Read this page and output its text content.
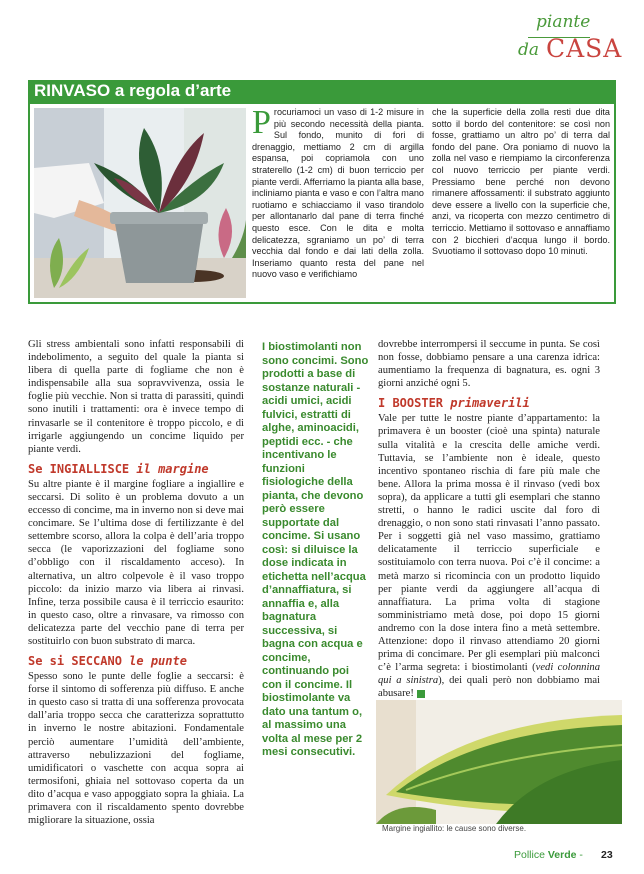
piante
da CASA
RINVASO a regola d’arte
Procuriamoci un vaso di 1-2 misure in più secondo necessità della pianta. Sul fondo, munito di fori di drenaggio, mettiamo 2 cm di argilla espansa, poi copriamola con uno straterello (1-2 cm) di buon terriccio per piante verdi. Afferriamo la pianta alla base, incliniamo pianta e vaso e con l’altra mano ruotiamo e schiacciamo il vaso tirandolo per allontanarlo dal pane di terra finché questo esce. Con le dita e molta delicatezza, sgraniamo un po’ di terra vecchia dal fondo e dai lati della zolla. Inseriamo quanto resta del pane nel nuovo vaso e verifichiamo
che la superficie della zolla resti due dita sotto il bordo del contenitore: se così non fosse, grattiamo un altro po’ di terra dal fondo del pane. Ora poniamo di nuovo la zolla nel vaso e riempiamo la circonferenza col nuovo terriccio per piante verdi. Pressiamo bene perché non devono rimanere affossamenti: il substrato aggiunto deve essere a livello con la superficie che, anzi, va ricoperta con mezzo centimetro di terriccio. Mettiamo il sottovaso e annaffiamo con 2 bicchieri d’acqua lungo il bordo. Svuotiamo il sottovaso dopo 10 minuti.

Gli stress ambientali sono infatti responsabili di indebolimento, a seguito del quale la pianta si libera di quella parte di fogliame che non è indispensabile alla sua sopravvivenza, ossia le foglie più vecchie. Non si tratta di parassiti, quindi sono inutili i trattamenti: ora è invece tempo di rinvasarle se il contenitore è troppo piccolo, e di irrigarle aggiungendo un concime liquido per piante verdi.

Se INGIALLISCE il margine

Su altre piante è il margine fogliare a ingiallire e seccarsi. Di solito è un problema dovuto a un eccesso di concime, ma in inverno non si deve mai concimare. Se l’ultima dose di fertilizzante è del settembre scorso, allora la colpa è dell’aria troppo secca (le vaporizzazioni del fogliame sono d’obbligo con il riscaldamento acceso). In alternativa, un altro colpevole è il vaso troppo piccolo: da inizio marzo via libera ai rinvasi. Infine, terza possibile causa è il terriccio esaurito: in questo caso, oltre a rinvasare, va rimosso con delicatezza parte del vecchio pane di terra per sostituirlo con buon substrato di marca.

Se si SECCANO le punte

Spesso sono le punte delle foglie a seccarsi: è forse il sintomo di sofferenza più diffuso. E anche in questo caso si tratta di una sofferenza provocata dall’aria troppo secca che caratterizza soprattutto in inverno le nostre abitazioni. Fondamentale perciò aumentare l’umidità dell’ambiente, attraverso nebulizzazioni del fogliame, umidificatori o vaschette con acqua sopra ai termosifoni, ghiaia nel sottovaso coperta da un dito d’acqua e vaso appoggiato sopra la ghiaia. La primavera con il riscaldamento spento dovrebbe migliorare la situazione, ossia

I biostimolanti non sono concimi. Sono prodotti a base di sostanze naturali - acidi umici, acidi fulvici, estratti di alghe, aminoacidi, peptidi ecc. - che incentivano le funzioni fisiologiche della pianta, che devono però essere supportate dal concime. Si usano così: si diluisce la dose indicata in etichetta nell’acqua d’annaffiatura, si annaffia e, alla bagnatura successiva, si bagna con acqua e concime, continuando poi con il concime. Il biostimolante va dato una tantum o, al massimo una volta al mese per 2 mesi consecutivi.

dovrebbe interrompersi il seccume in punta. Se così non fosse, dobbiamo pensare a una carenza idrica: aumentiamo la frequenza di bagnatura, es. ogni 3 giorni anziché ogni 5.

I BOOSTER primaverili

Vale per tutte le nostre piante d’appartamento: la primavera è un booster (cioè una spinta) naturale sulla vitalità e la crescita delle amiche verdi. Tuttavia, se l’ambiente non è ideale, questo incentivo spontaneo rischia di fare più male che bene. Allora la prima mossa è il rinvaso (vedi box sopra), da applicare a tutti gli esemplari che stanno stretti, o hanno le radici uscite dal foro di drenaggio, o non sono stati rinvasati l’anno passato. Per i soggetti già nel vaso massimo, grattiamo delicatamente il terriccio superficiale e sostituiamolo con terra nuova. Poi c’è il concime: a metà marzo si ricomincia con un prodotto liquido per piante verdi da aggiungere all’acqua di annaffiatura. La prima volta di stagione somministriamo metà dose, poi dopo 15 giorni andremo con la dose intera fino a metà settembre. Attenzione: dopo il rinvaso attendiamo 20 giorni prima di concimare. Per gli esemplari più malconci c’è l’arma segreta: i biostimolanti (vedi colonnina qui a sinistra), dei quali però non dobbiamo mai abusare!

Margine ingiallito: le cause sono diverse.
Pollice Verde - 23
